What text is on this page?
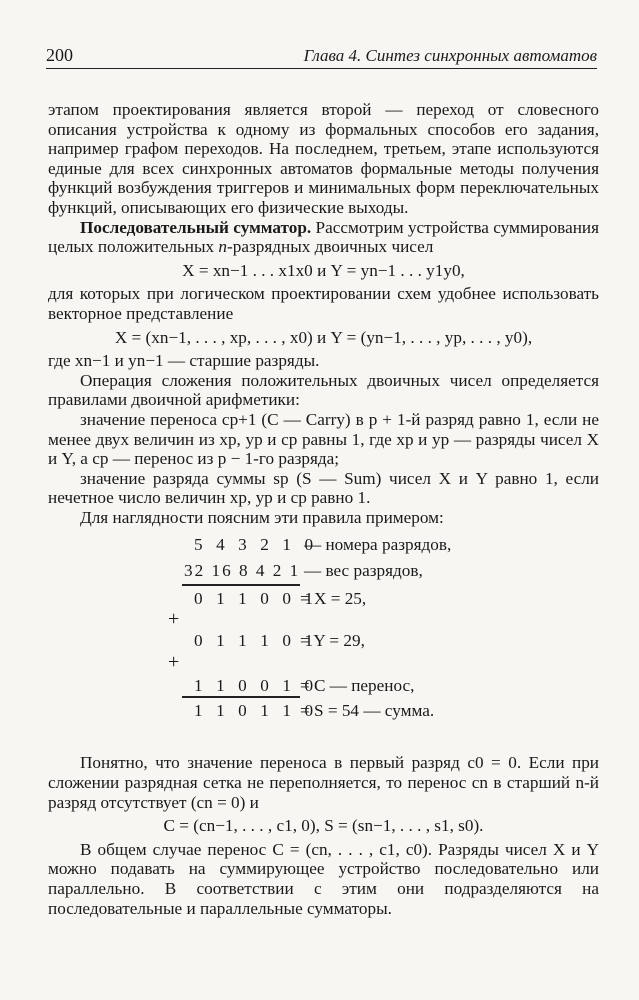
200	Глава 4. Синтез синхронных автоматов

этапом проектирования является второй — переход от словесного описания устройства к одному из формальных способов его задания, например графом переходов. На последнем, третьем, этапе используются единые для всех синхронных автоматов формальные методы получения функций возбуждения триггеров и минимальных форм переключательных функций, описывающих его физические выходы.

Последовательный сумматор. Рассмотрим устройства суммирования целых положительных n-разрядных двоичных чисел

X = xn−1 . . . x1x0 и Y = yn−1 . . . y1y0,

для которых при логическом проектировании схем удобнее использовать векторное представление

X = (xn−1, . . . , xp, . . . , x0) и Y = (yn−1, . . . , yp, . . . , y0),

где xn−1 и yn−1 — старшие разряды.

Операция сложения положительных двоичных чисел определяется правилами двоичной арифметики:

значение переноса cp+1 (C — Carry) в p + 1-й разряд равно 1, если не менее двух величин из xp, yp и cp равны 1, где xp и yp — разряды чисел X и Y, а cp — перенос из p − 1-го разряда;

значение разряда суммы sp (S — Sum) чисел X и Y равно 1, если нечетное число величин xp, yp и cp равно 1.

Для наглядности поясним эти правила примером:

5 4 3 2 1 0
— номера разрядов,
32 16 8 4 2 1 — вес разрядов,
0 1 1 0 0 1
= X = 25,
+
0 1 1 1 0 1
= Y = 29,
+
1 1 0 0 1 0
= C — перенос,
1 1 0 1 1 0
= S = 54 — сумма.

Понятно, что значение переноса в первый разряд c0 = 0. Если при сложении разрядная сетка не переполняется, то перенос cn в старший n-й разряд отсутствует (cn = 0) и

C = (cn−1, . . . , c1, 0), S = (sn−1, . . . , s1, s0).

В общем случае перенос C = (cn, . . . , c1, c0). Разряды чисел X и Y можно подавать на суммирующее устройство последовательно или параллельно. В соответствии с этим они подразделяются на последовательные и параллельные сумматоры.
